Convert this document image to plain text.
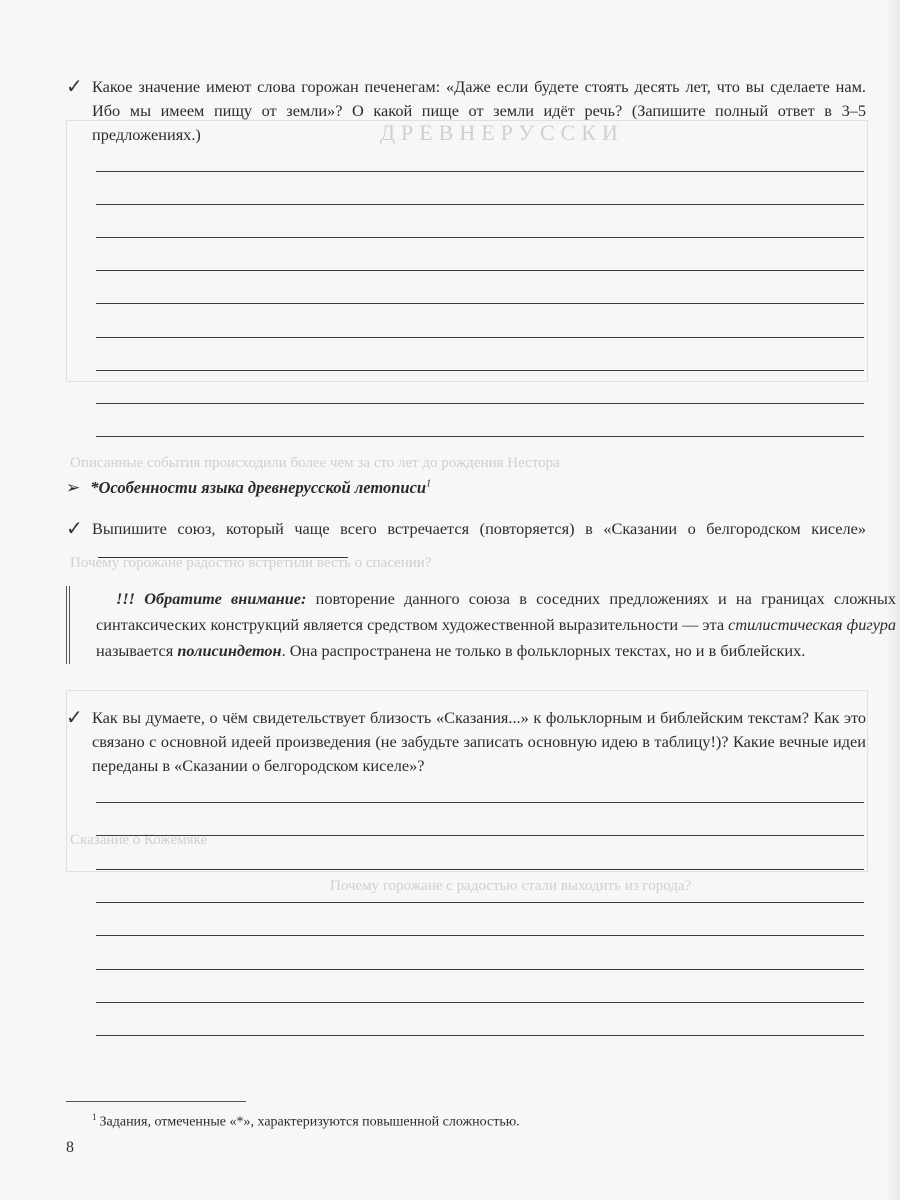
ДРЕВНЕРУССКИ
Описанные события происходили более чем за сто лет до рождения Нестора
Почему горожане радостно встретили весть о спасении?
Сказание о Кожемяке
Почему горожане с радостью стали выходить из города?
✓ Какое значение имеют слова горожан печенегам: «Даже если будете стоять десять лет, что вы сделаете нам. Ибо мы имеем пищу от земли»? О какой пище от земли идёт речь? (Запишите полный ответ в 3–5 предложениях.)
➢ *Особенности языка древнерусской летописи$^1$
✓ Выпишите союз, который чаще всего встречается (повторяется) в «Сказании о белгородском киселе»
!!! Обратите внимание: повторение данного союза в соседних предложениях и на границах сложных синтаксических конструкций является средством художественной выразительности — эта стилистическая фигура называется полисиндетон. Она распространена не только в фольклорных текстах, но и в библейских.
✓ Как вы думаете, о чём свидетельствует близость «Сказания...» к фольклорным и библейским текстам? Как это связано с основной идеей произведения (не забудьте записать основную идею в таблицу!)? Какие вечные идеи переданы в «Сказании о белгородском киселе»?
$^1$ Задания, отмеченные «*», характеризуются повышенной сложностью.
8
